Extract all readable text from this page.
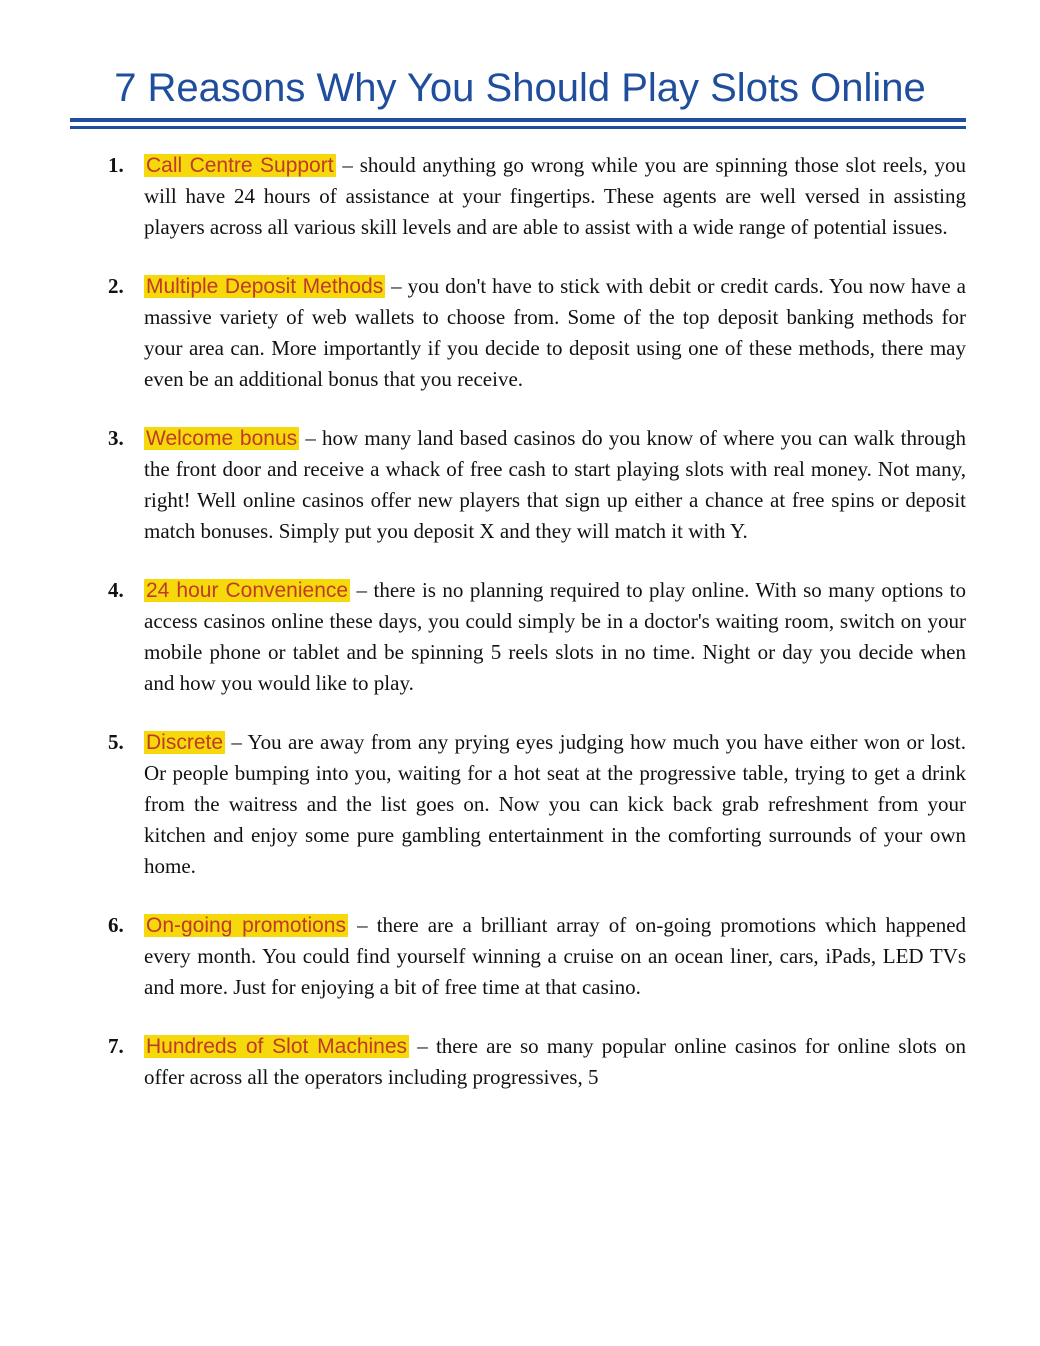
7 Reasons Why You Should Play Slots Online
1.	Call Centre Support – should anything go wrong while you are spinning those slot reels, you will have 24 hours of assistance at your fingertips. These agents are well versed in assisting players across all various skill levels and are able to assist with a wide range of potential issues.
2.	Multiple Deposit Methods – you don't have to stick with debit or credit cards. You now have a massive variety of web wallets to choose from. Some of the top deposit banking methods for your area can. More importantly if you decide to deposit using one of these methods, there may even be an additional bonus that you receive.
3.	Welcome bonus – how many land based casinos do you know of where you can walk through the front door and receive a whack of free cash to start playing slots with real money. Not many, right! Well online casinos offer new players that sign up either a chance at free spins or deposit match bonuses. Simply put you deposit X and they will match it with Y.
4.	24 hour Convenience – there is no planning required to play online. With so many options to access casinos online these days, you could simply be in a doctor's waiting room, switch on your mobile phone or tablet and be spinning 5 reels slots in no time. Night or day you decide when and how you would like to play.
5.	Discrete – You are away from any prying eyes judging how much you have either won or lost. Or people bumping into you, waiting for a hot seat at the progressive table, trying to get a drink from the waitress and the list goes on. Now you can kick back grab refreshment from your kitchen and enjoy some pure gambling entertainment in the comforting surrounds of your own home.
6.	On-going promotions – there are a brilliant array of on-going promotions which happened every month. You could find yourself winning a cruise on an ocean liner, cars, iPads, LED TVs and more. Just for enjoying a bit of free time at that casino.
7.	Hundreds of Slot Machines – there are so many popular online casinos for online slots on offer across all the operators including progressives, 5
